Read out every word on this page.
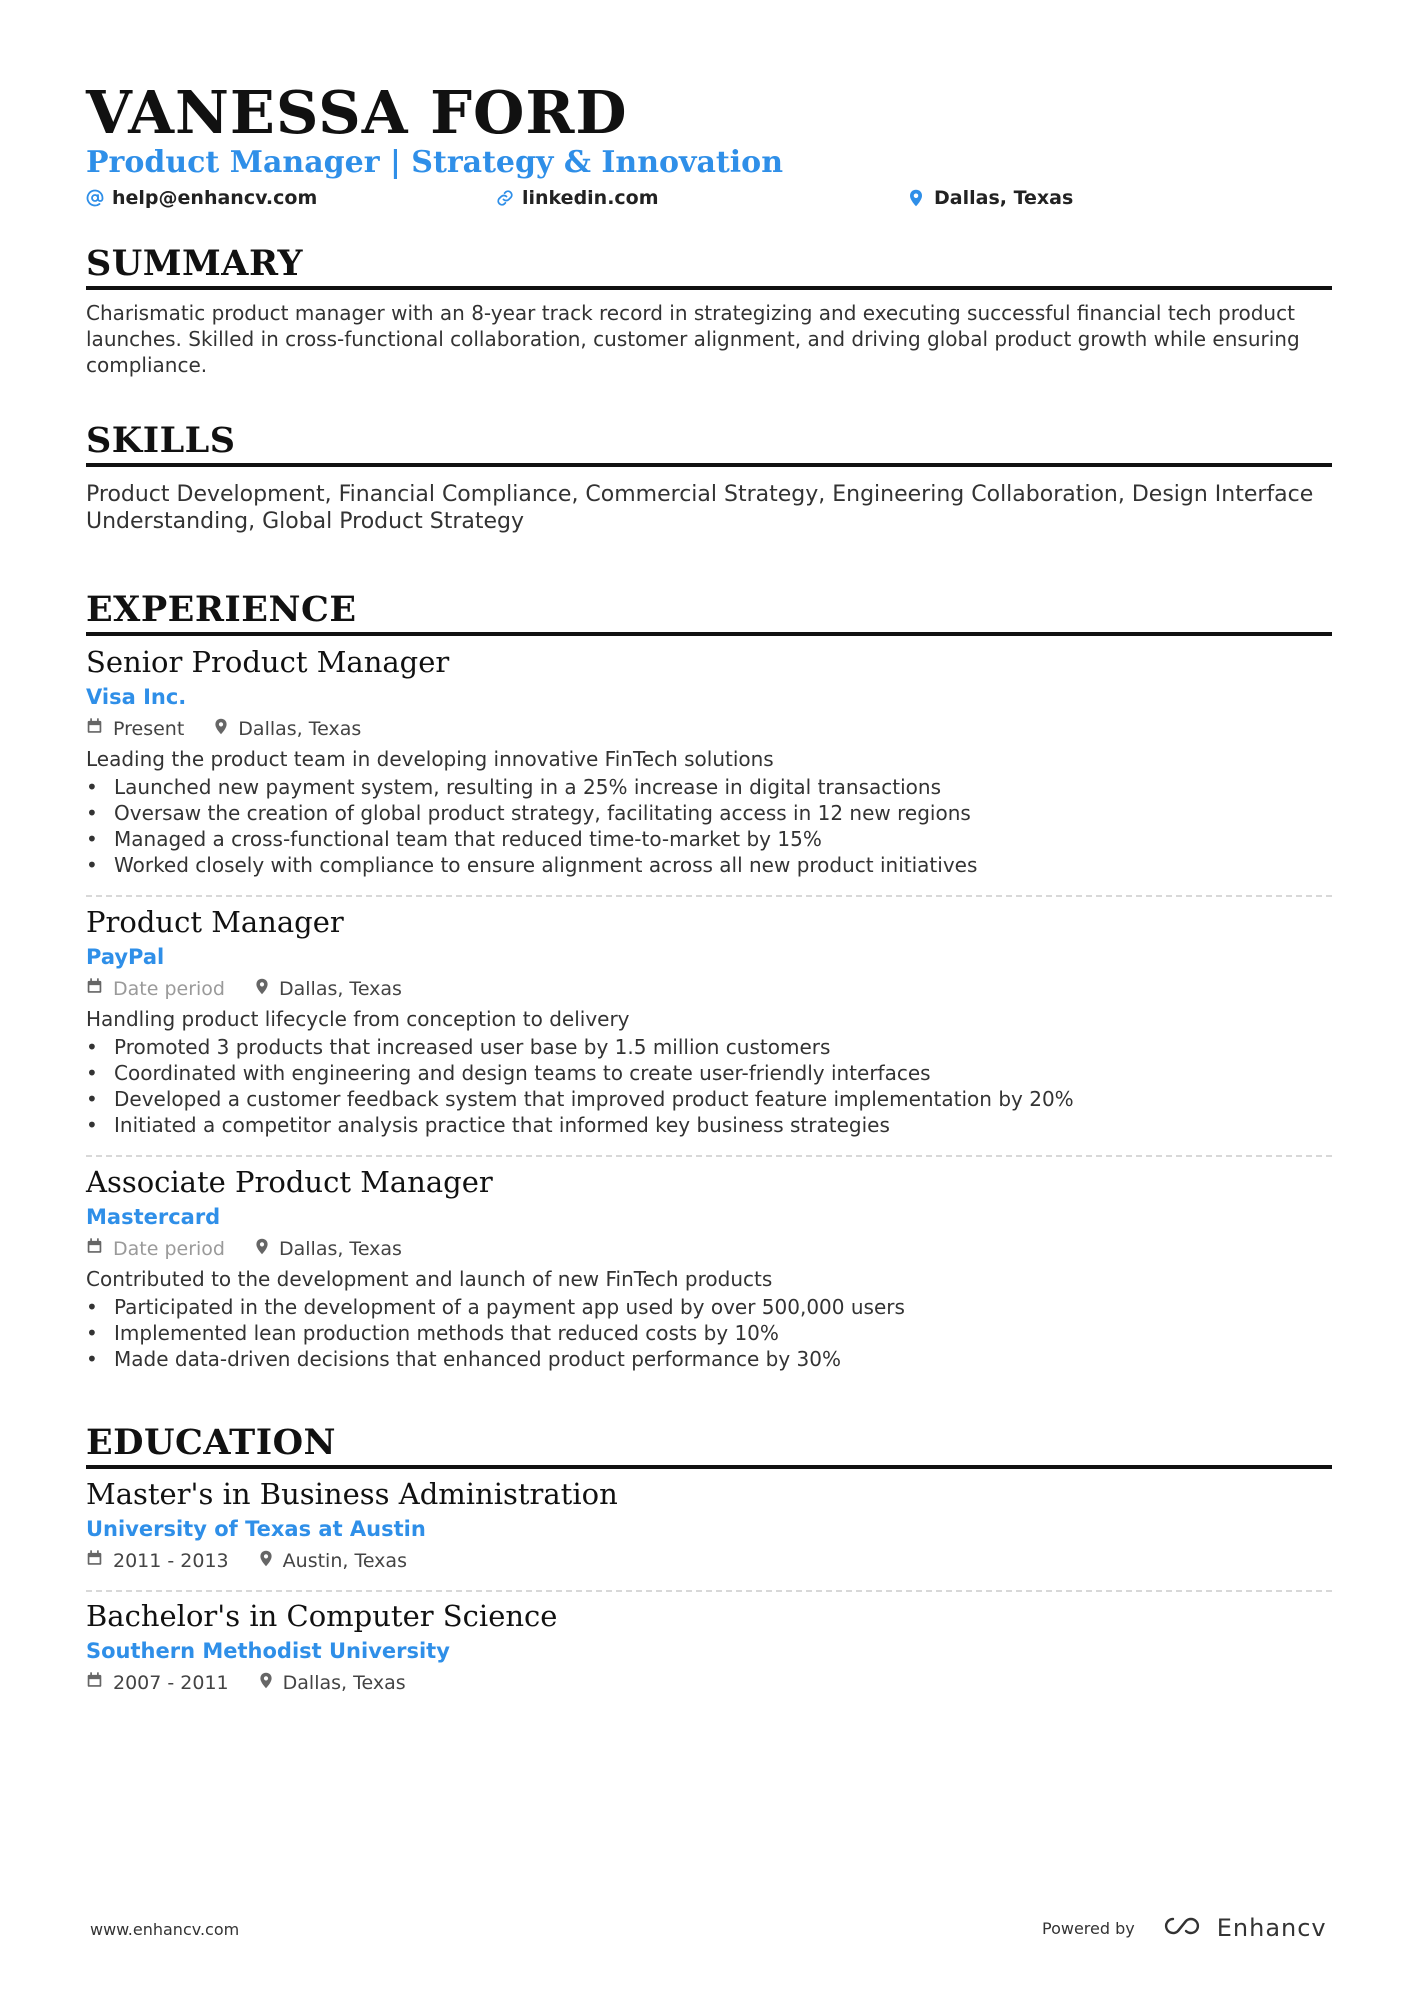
VANESSA FORD
Product Manager | Strategy & Innovation
help@enhancv.com	linkedin.com	Dallas, Texas
SUMMARY
Charismatic product manager with an 8-year track record in strategizing and executing successful financial tech product launches. Skilled in cross-functional collaboration, customer alignment, and driving global product growth while ensuring compliance.
SKILLS
Product Development, Financial Compliance, Commercial Strategy, Engineering Collaboration, Design Interface Understanding, Global Product Strategy
EXPERIENCE
Senior Product Manager
Visa Inc.
Present	Dallas, Texas
Leading the product team in developing innovative FinTech solutions
• Launched new payment system, resulting in a 25% increase in digital transactions
• Oversaw the creation of global product strategy, facilitating access in 12 new regions
• Managed a cross-functional team that reduced time-to-market by 15%
• Worked closely with compliance to ensure alignment across all new product initiatives
Product Manager
PayPal
Date period	Dallas, Texas
Handling product lifecycle from conception to delivery
• Promoted 3 products that increased user base by 1.5 million customers
• Coordinated with engineering and design teams to create user-friendly interfaces
• Developed a customer feedback system that improved product feature implementation by 20%
• Initiated a competitor analysis practice that informed key business strategies
Associate Product Manager
Mastercard
Date period	Dallas, Texas
Contributed to the development and launch of new FinTech products
• Participated in the development of a payment app used by over 500,000 users
• Implemented lean production methods that reduced costs by 10%
• Made data-driven decisions that enhanced product performance by 30%
EDUCATION
Master's in Business Administration
University of Texas at Austin
2011 - 2013	Austin, Texas
Bachelor's in Computer Science
Southern Methodist University
2007 - 2011	Dallas, Texas
www.enhancv.com	Powered by	Enhancv
